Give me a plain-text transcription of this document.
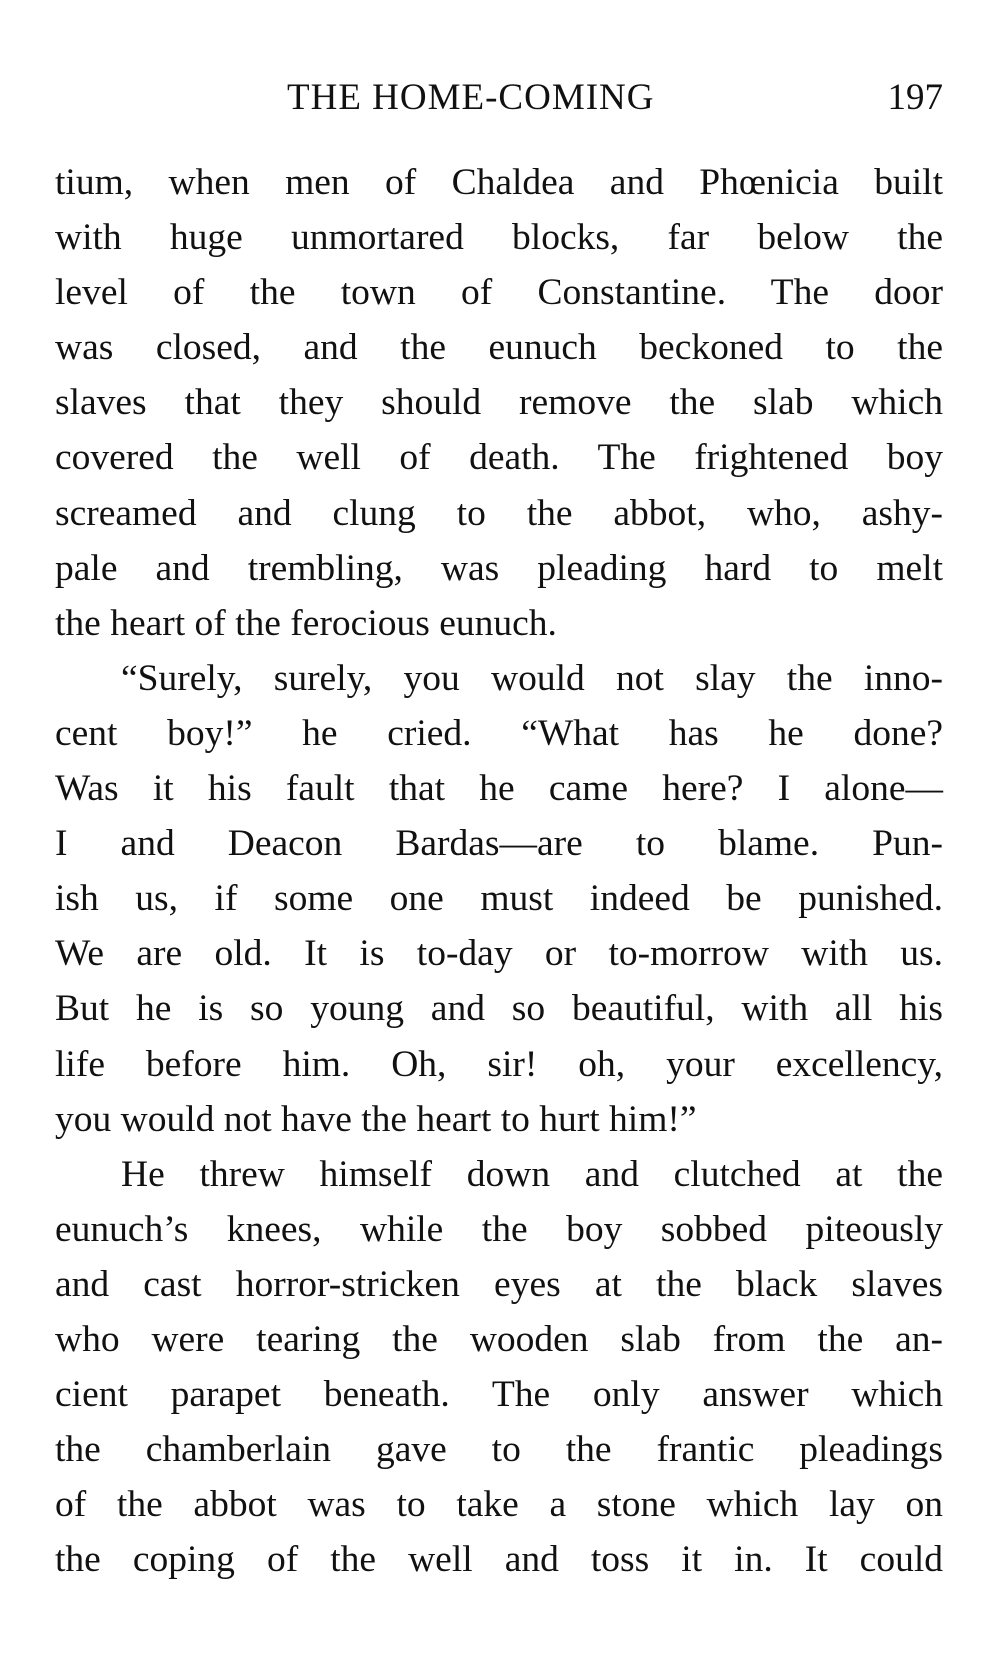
THE HOME-COMING	197
tium, when men of Chaldea and Phœnicia built
with huge unmortared blocks, far below the
level of the town of Constantine. The door
was closed, and the eunuch beckoned to the
slaves that they should remove the slab which
covered the well of death. The frightened boy
screamed and clung to the abbot, who, ashy-
pale and trembling, was pleading hard to melt
the heart of the ferocious eunuch.
“Surely, surely, you would not slay the inno-
cent boy!” he cried. “What has he done?
Was it his fault that he came here? I alone—
I and Deacon Bardas—are to blame. Pun-
ish us, if some one must indeed be punished.
We are old. It is to-day or to-morrow with us.
But he is so young and so beautiful, with all his
life before him. Oh, sir! oh, your excellency,
you would not have the heart to hurt him!”
He threw himself down and clutched at the
eunuch’s knees, while the boy sobbed piteously
and cast horror-stricken eyes at the black slaves
who were tearing the wooden slab from the an-
cient parapet beneath. The only answer which
the chamberlain gave to the frantic pleadings
of the abbot was to take a stone which lay on
the coping of the well and toss it in. It could
